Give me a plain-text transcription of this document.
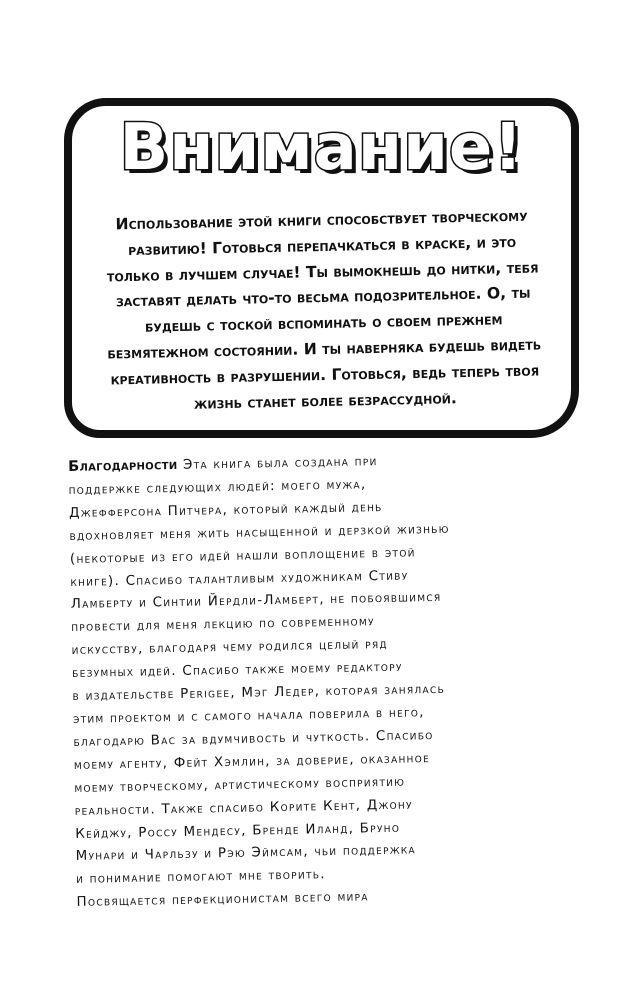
Внимание!
Использование этой книги способствует творческому
развитию! Готовься перепачкаться в краске, и это
только в лучшем случае! Ты вымокнешь до нитки, тебя
заставят делать что-то весьма подозрительное. О, ты
будешь с тоской вспоминать о своем прежнем
безмятежном состоянии. И ты наверняка будешь видеть
креативность в разрушении. Готовься, ведь теперь твоя
жизнь станет более безрассудной.
Благодарности Эта книга была создана при
поддержке следующих людей: моего мужа,
Джефферсона Питчера, который каждый день
вдохновляет меня жить насыщенной и дерзкой жизнью
(некоторые из его идей нашли воплощение в этой
книге). Спасибо талантливым художникам Стиву
Ламберту и Синтии Йердли-Ламберт, не побоявшимся
провести для меня лекцию по современному
искусству, благодаря чему родился целый ряд
безумных идей. Спасибо также моему редактору
в издательстве Perigee, Мэг Ледер, которая занялась
этим проектом и с самого начала поверила в него,
благодарю Вас за вдумчивость и чуткость. Спасибо
моему агенту, Фейт Хэмлин, за доверие, оказанное
моему творческому, артистическому восприятию
реальности. Также спасибо Корите Кент, Джону
Кейджу, Россу Мендесу, Бренде Иланд, Бруно
Мунари и Чарльзу и Рэю Эймсам, чьи поддержка
и понимание помогают мне творить.
Посвящается перфекционистам всего мира
